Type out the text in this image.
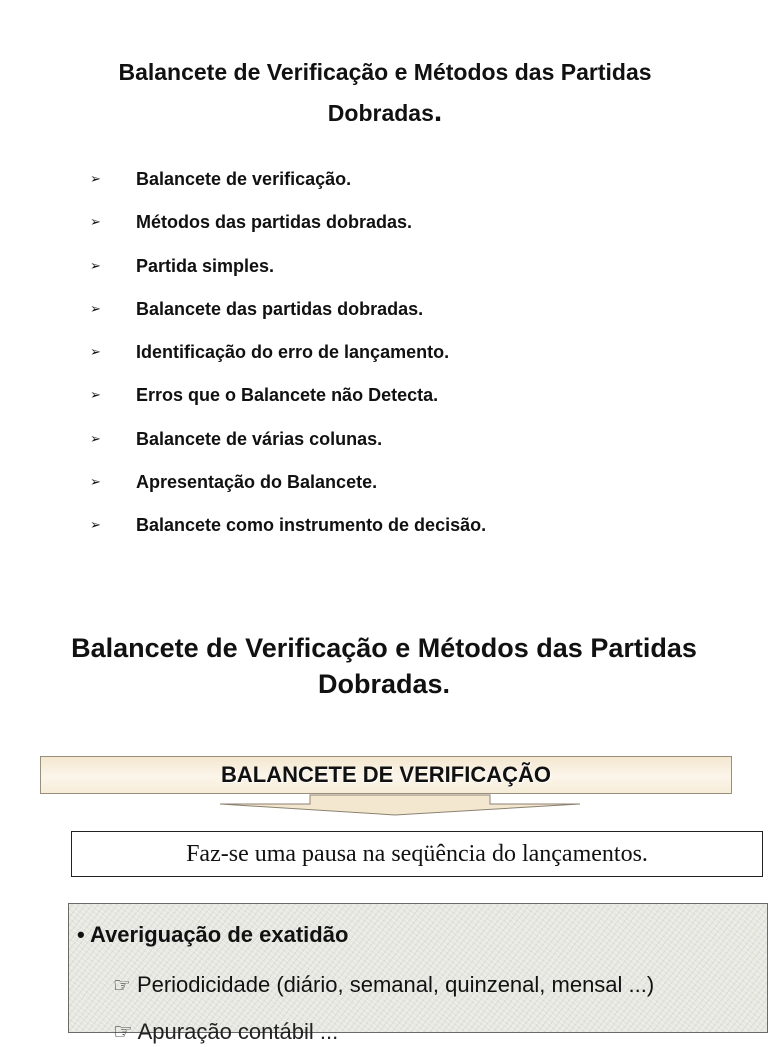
Balancete de Verificação e Métodos das Partidas Dobradas.
➢	Balancete de verificação.
➢	Métodos das partidas dobradas.
➢	Partida simples.
➢	Balancete das partidas dobradas.
➢	Identificação do erro de lançamento.
➢	Erros que o Balancete não Detecta.
➢	Balancete de várias colunas.
➢	Apresentação do Balancete.
➢	Balancete como instrumento de decisão.
Balancete de Verificação e Métodos das Partidas Dobradas.
BALANCETE DE VERIFICAÇÃO
Faz-se uma pausa na seqüência do lançamentos.
• Averiguação de exatidão
☞ Periodicidade (diário, semanal, quinzenal, mensal ...)
☞ Apuração contábil ...
